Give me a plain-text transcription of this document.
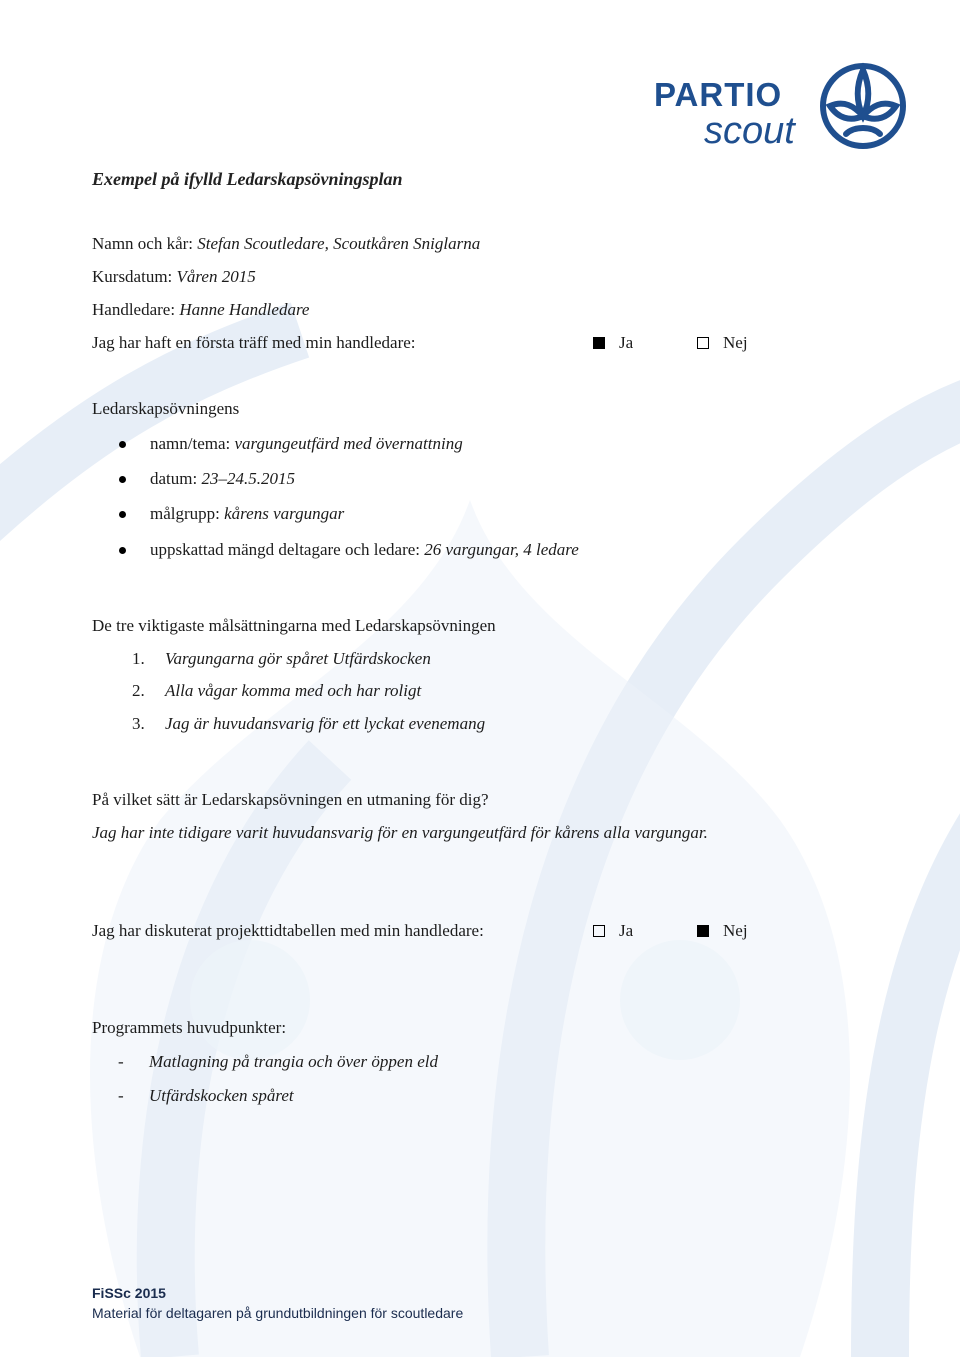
PARTIO
scout
Exempel på ifylld Ledarskapsövningsplan
Namn och kår: Stefan Scoutledare, Scoutkåren Sniglarna
Kursdatum: Våren 2015
Handledare: Hanne Handledare
Jag har haft en första träff med min handledare:	Ja	Nej
Ledarskapsövningens
namn/tema: vargungeutfärd med övernattning
datum: 23–24.5.2015
målgrupp: kårens vargungar
uppskattad mängd deltagare och ledare: 26 vargungar, 4 ledare
De tre viktigaste målsättningarna med Ledarskapsövningen
1. Vargungarna gör spåret Utfärdskocken
2. Alla vågar komma med och har roligt
3. Jag är huvudansvarig för ett lyckat evenemang
På vilket sätt är Ledarskapsövningen en utmaning för dig?
Jag har inte tidigare varit huvudansvarig för en vargungeutfärd för kårens alla vargungar.
Jag har diskuterat projekttidtabellen med min handledare:	Ja	Nej
Programmets huvudpunkter:
- Matlagning på trangia och över öppen eld
- Utfärdskocken spåret
FiSSc 2015
Material för deltagaren på grundutbildningen för scoutledare
